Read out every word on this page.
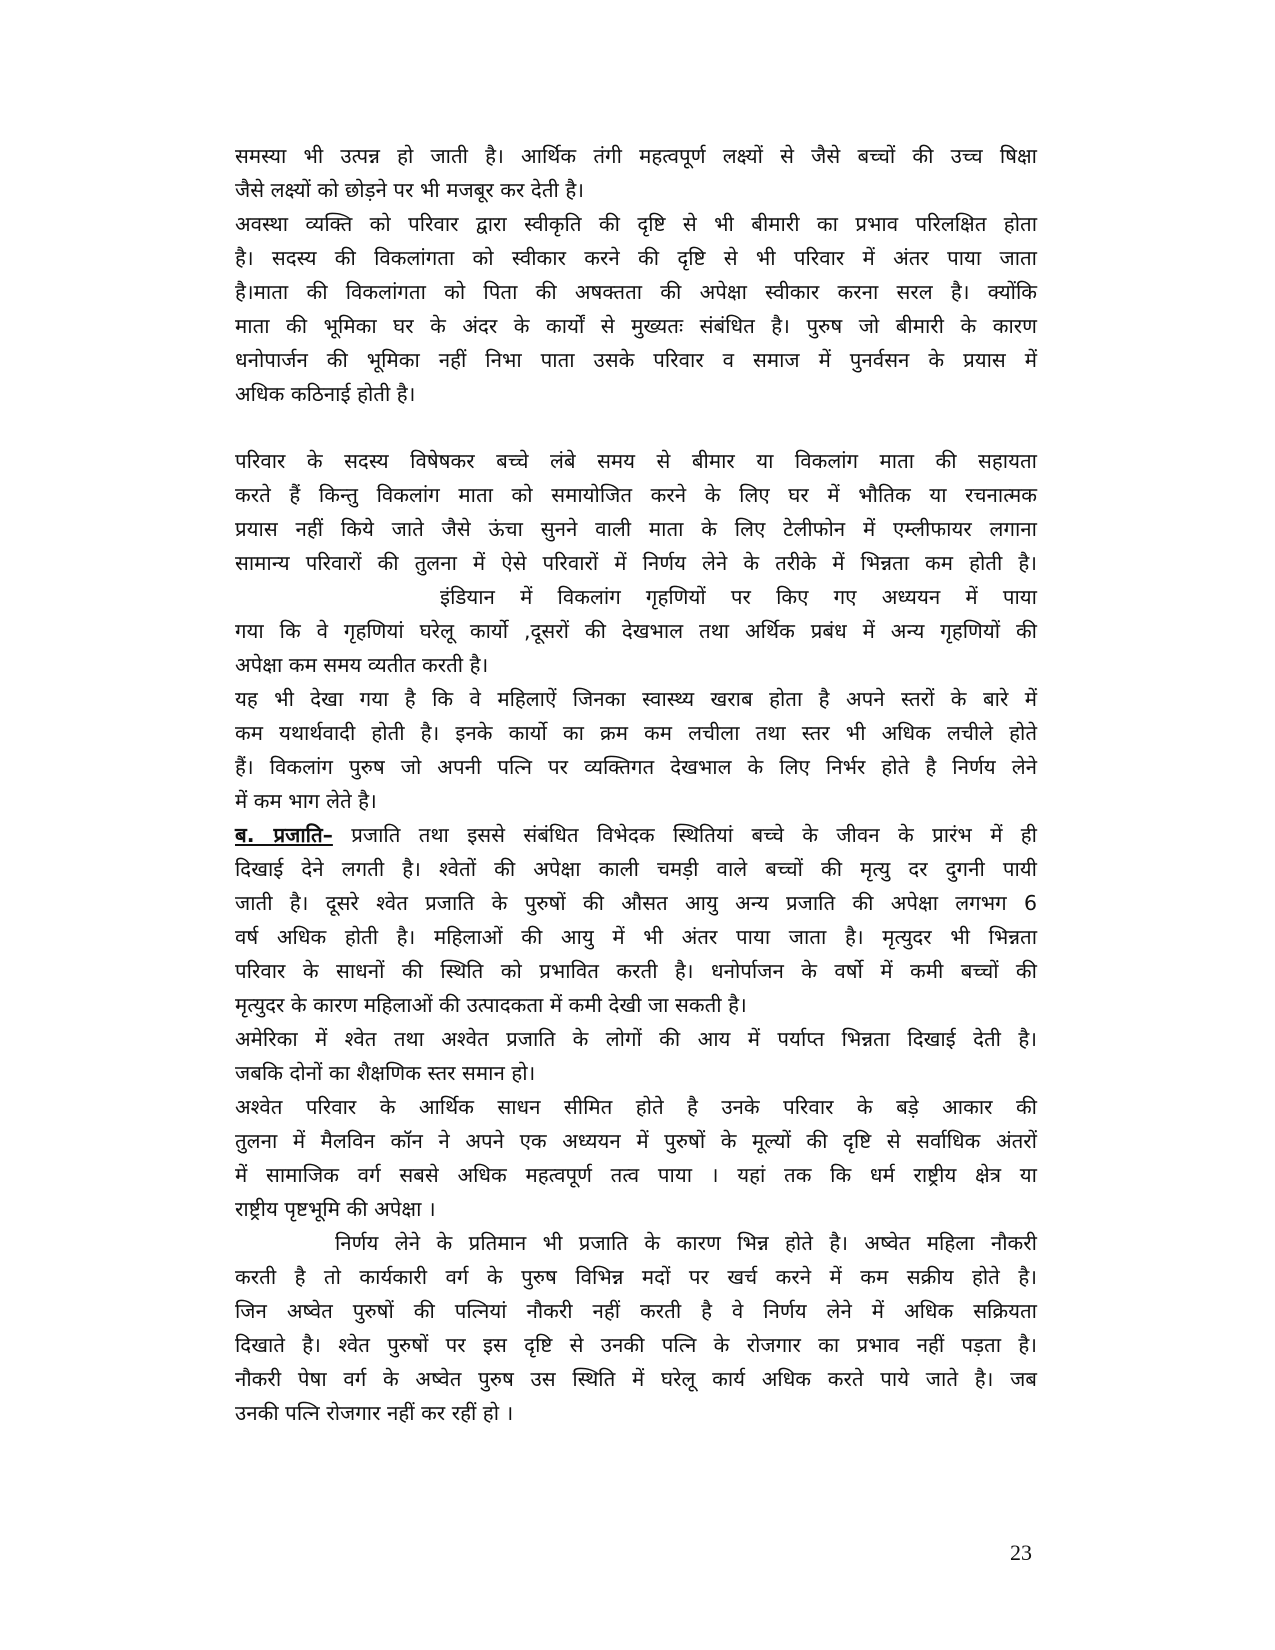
समस्या भी उत्पन्न हो जाती है। आर्थिक तंगी महत्वपूर्ण लक्ष्यों से जैसे बच्चों की उच्च षिक्षा
जैसे लक्ष्यों को छोड़ने पर भी मजबूर कर देती है।
अवस्था व्यक्ति को परिवार द्वारा स्वीकृति की दृष्टि से भी बीमारी का प्रभाव परिलक्षित होता
है। सदस्य की विकलांगता को स्वीकार करने की दृष्टि से भी परिवार में अंतर पाया जाता
है।माता की विकलांगता को पिता की अषक्तता की अपेक्षा स्वीकार करना सरल है। क्योंकि
माता की भूमिका घर के अंदर के कार्यों से मुख्यतः संबंधित है। पुरुष जो बीमारी के कारण
धनोपार्जन की भूमिका नहीं निभा पाता उसके परिवार व समाज में पुनर्वसन के प्रयास में
अधिक कठिनाई होती है।
परिवार के सदस्य विषेषकर बच्चे लंबे समय से बीमार या विकलांग माता की सहायता
करते हैं किन्तु विकलांग माता को समायोजित करने के लिए घर में भौतिक या रचनात्मक
प्रयास नहीं किये जाते जैसे ऊंचा सुनने वाली माता के लिए टेलीफोन में एम्लीफायर लगाना
सामान्य परिवारों की तुलना में ऐसे परिवारों में निर्णय लेने के तरीके में भिन्नता कम होती है।
इंडियान में विकलांग गृहणियों पर किए गए अध्ययन में पाया
गया कि वे गृहणियां घरेलू कार्यो ,दूसरों की देखभाल तथा अर्थिक प्रबंध में अन्य गृहणियों की
अपेक्षा कम समय व्यतीत करती है।
यह भी देखा गया है कि वे महिलाऐं जिनका स्वास्थ्य खराब होता है अपने स्तरों के बारे में
कम यथार्थवादी होती है। इनके कार्यो का क्रम कम लचीला तथा स्तर भी अधिक लचीले होते
हैं। विकलांग पुरुष जो अपनी पत्नि पर व्यक्तिगत देखभाल के लिए निर्भर होते है निर्णय लेने
में कम भाग लेते है।
ब. प्रजाति– प्रजाति तथा इससे संबंधित विभेदक स्थितियां बच्चे के जीवन के प्रारंभ में ही
दिखाई देने लगती है। श्वेतों की अपेक्षा काली चमड़ी वाले बच्चों की मृत्यु दर दुगनी पायी
जाती है। दूसरे श्वेत प्रजाति के पुरुषों की औसत आयु अन्य प्रजाति की अपेक्षा लगभग 6
वर्ष अधिक होती है। महिलाओं की आयु में भी अंतर पाया जाता है। मृत्युदर भी भिन्नता
परिवार के साधनों की स्थिति को प्रभावित करती है। धनोर्पाजन के वर्षो में कमी बच्चों की
मृत्युदर के कारण महिलाओं की उत्पादकता में कमी देखी जा सकती है।
अमेरिका में श्वेत तथा अश्वेत प्रजाति के लोगों की आय में पर्याप्त भिन्नता दिखाई देती है।
जबकि दोनों का शैक्षणिक स्तर समान हो।
अश्वेत परिवार के आर्थिक साधन सीमित होते है उनके परिवार के बड़े आकार की
तुलना में मैलविन कॉन ने अपने एक अध्ययन में पुरुषों के मूल्यों की दृष्टि से सर्वाधिक अंतरों
में सामाजिक वर्ग सबसे अधिक महत्वपूर्ण तत्व पाया । यहां तक कि धर्म राष्ट्रीय क्षेत्र या
राष्ट्रीय पृष्टभूमि की अपेक्षा ।
निर्णय लेने के प्रतिमान भी प्रजाति के कारण भिन्न होते है। अष्वेत महिला नौकरी
करती है तो कार्यकारी वर्ग के पुरुष विभिन्न मदों पर खर्च करने में कम सक्रीय होते है।
जिन अष्वेत पुरुषों की पत्नियां नौकरी नहीं करती है वे निर्णय लेने में अधिक सक्रियता
दिखाते है। श्वेत पुरुषों पर इस दृष्टि से उनकी पत्नि के रोजगार का प्रभाव नहीं पड़ता है।
नौकरी पेषा वर्ग के अष्वेत पुरुष उस स्थिति में घरेलू कार्य अधिक करते पाये जाते है। जब
उनकी पत्नि रोजगार नहीं कर रहीं हो ।
23
